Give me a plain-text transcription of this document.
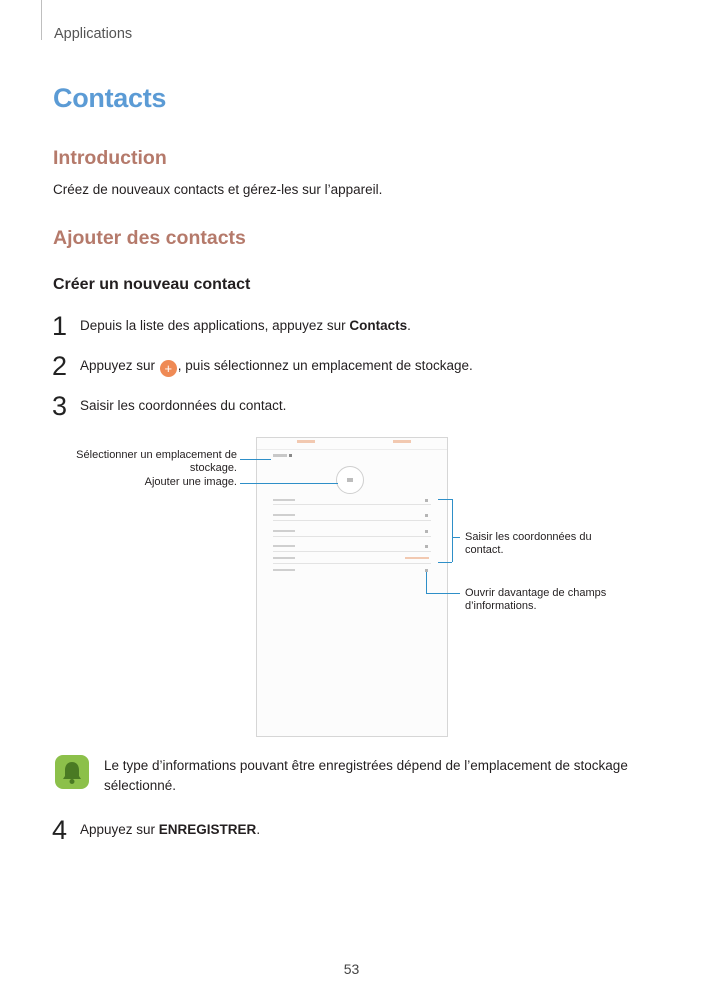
Applications
Contacts
Introduction
Créez de nouveaux contacts et gérez-les sur l’appareil.
Ajouter des contacts
Créer un nouveau contact
1 Depuis la liste des applications, appuyez sur Contacts.
2 Appuyez sur + , puis sélectionnez un emplacement de stockage.
3 Saisir les coordonnées du contact.
Sélectionner un emplacement de stockage.
Ajouter une image.
Saisir les coordonnées du contact.
Ouvrir davantage de champs d’informations.
Le type d’informations pouvant être enregistrées dépend de l’emplacement de stockage sélectionné.
4 Appuyez sur ENREGISTRER.
53
